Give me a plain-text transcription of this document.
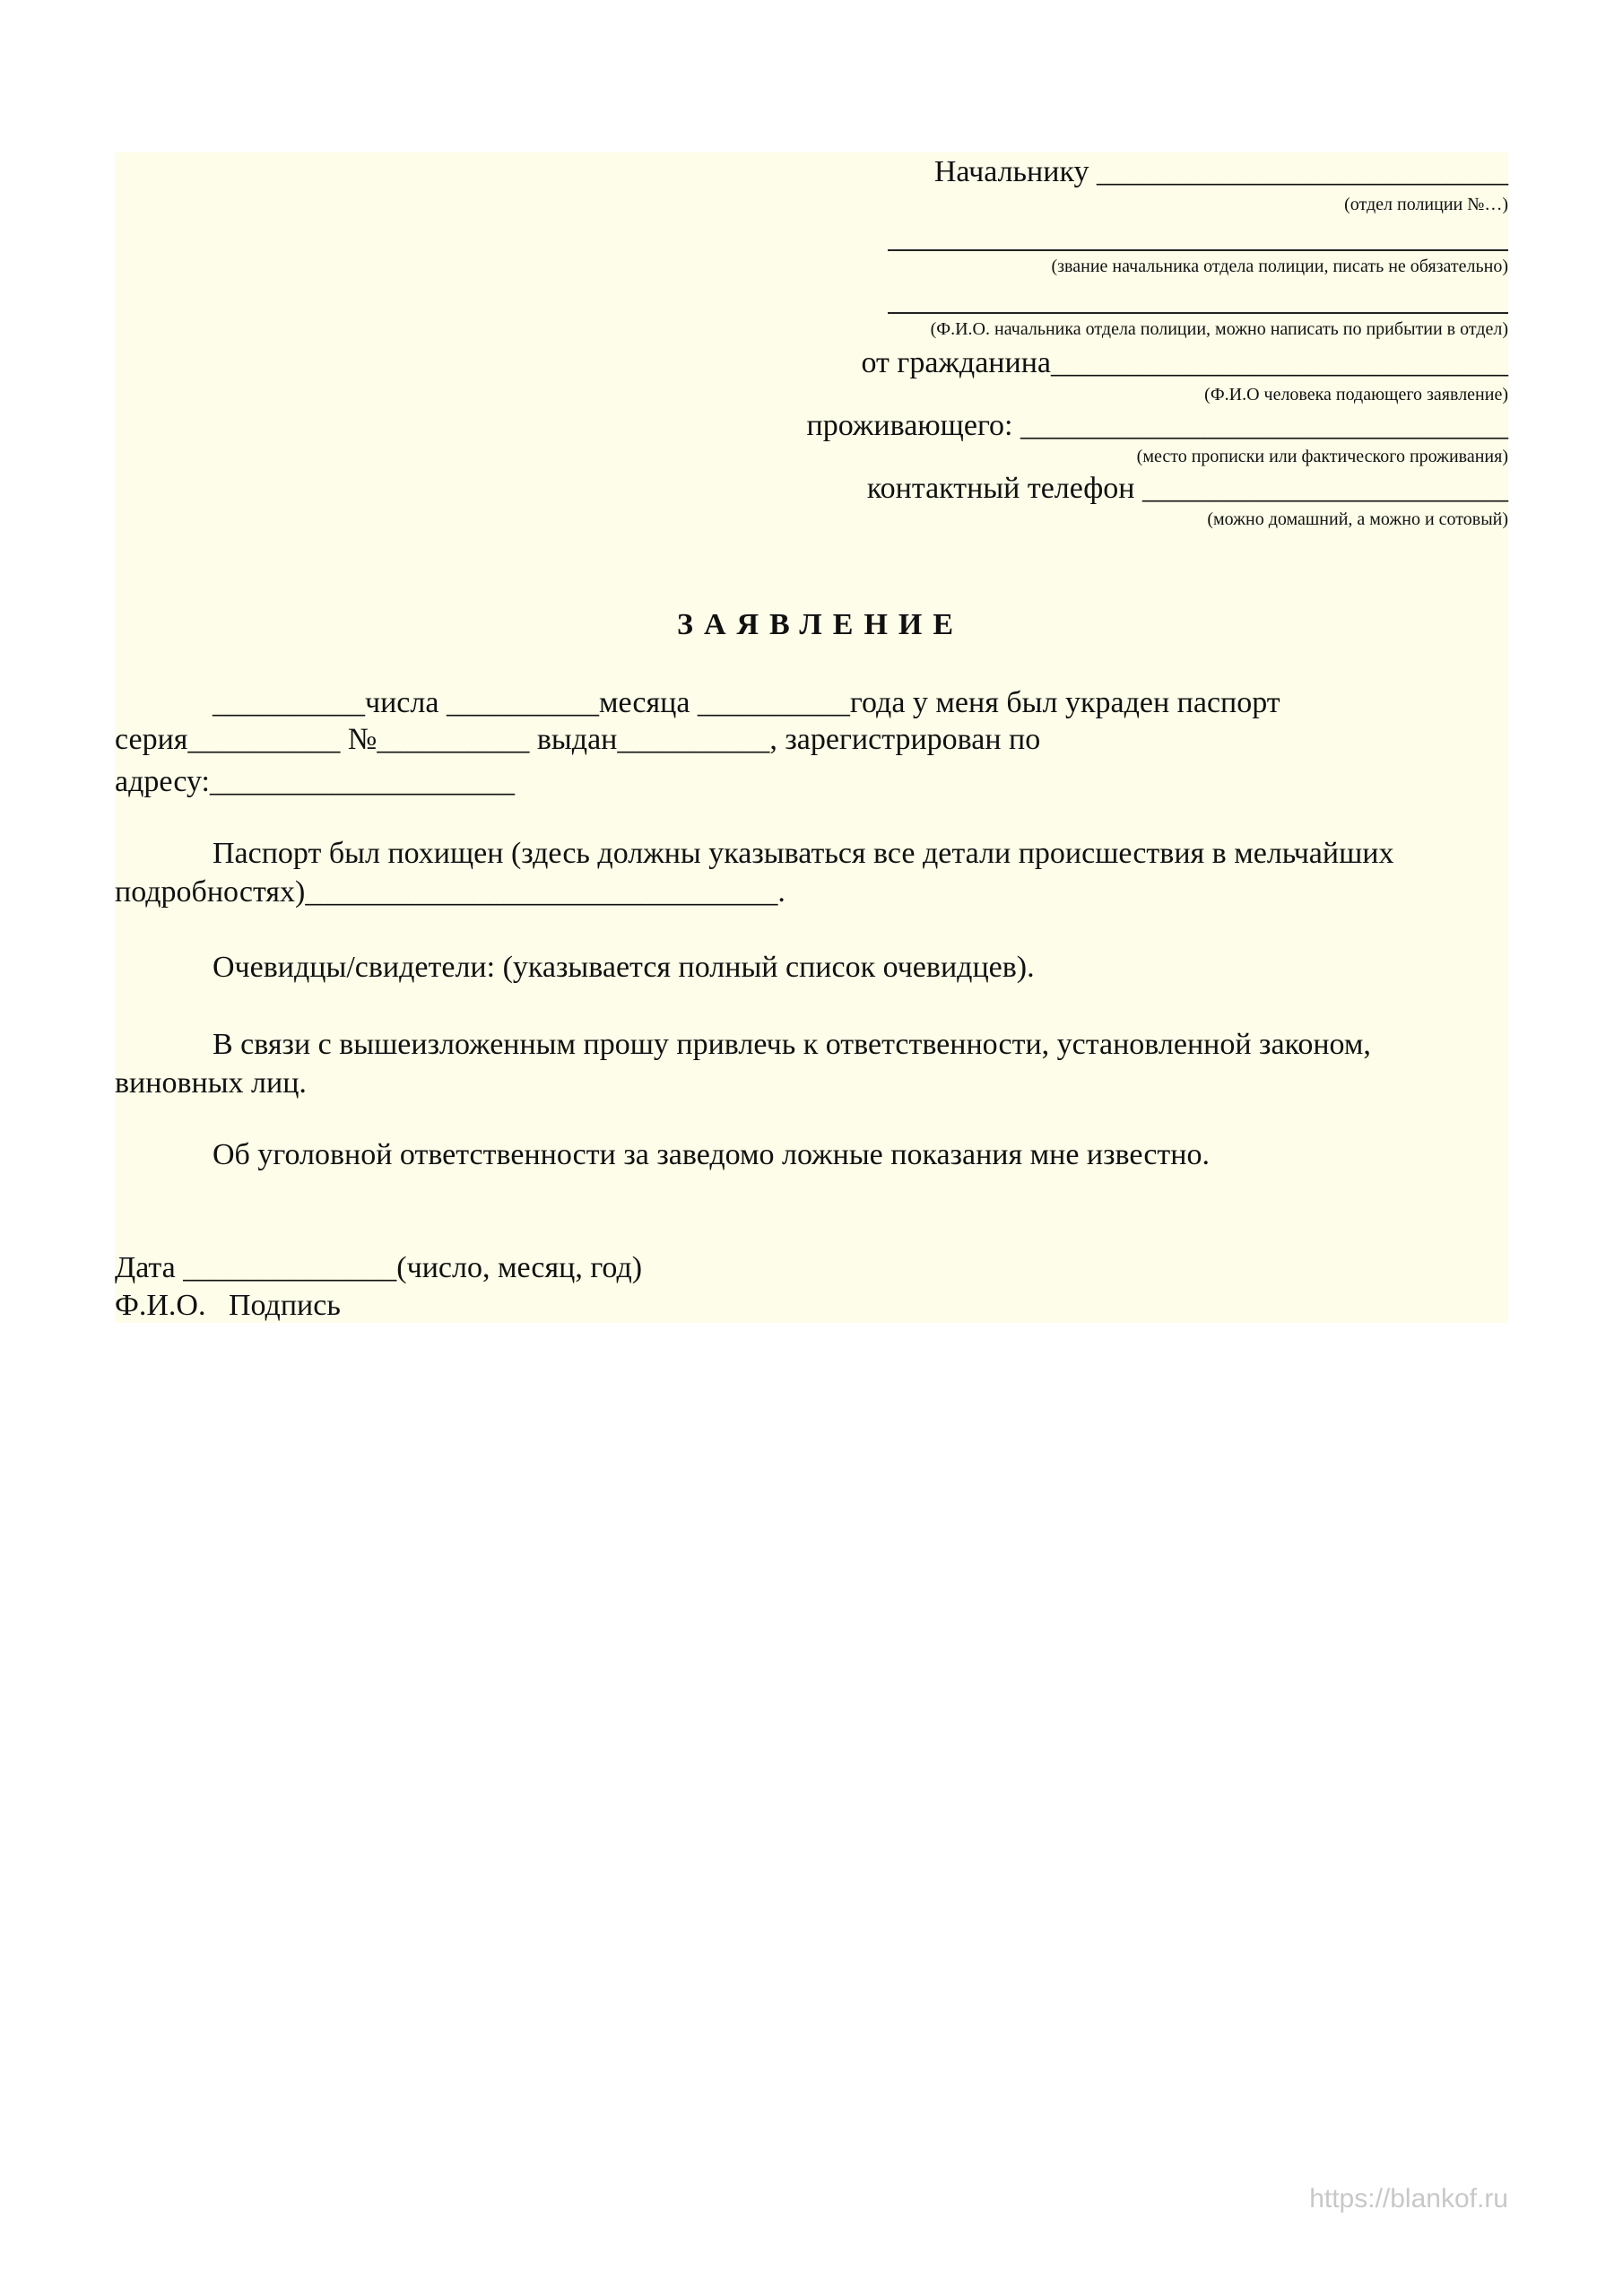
Начальнику ___________________________
(отдел полиции №…)
(звание начальника отдела полиции, писать не обязательно)
(Ф.И.О. начальника отдела полиции, можно написать по прибытии в отдел)
от гражданина______________________________
(Ф.И.О человека подающего заявление)
проживающего: ________________________________
(место прописки или фактического проживания)
контактный телефон ________________________
(можно домашний, а можно и сотовый)
ЗАЯВЛЕНИЕ
__________числа __________месяца __________года у меня был украден паспорт
серия__________ №__________ выдан__________, зарегистрирован по
адресу:____________________
Паспорт был похищен (здесь должны указываться все детали происшествия в мельчайших
подробностях)_______________________________.
Очевидцы/свидетели: (указывается полный список очевидцев).
В связи с вышеизложенным прошу привлечь к ответственности, установленной законом,
виновных лиц.
Об уголовной ответственности за заведомо ложные показания мне известно.
Дата ______________(число, месяц, год)
Ф.И.О.   Подпись
https://blankof.ru
